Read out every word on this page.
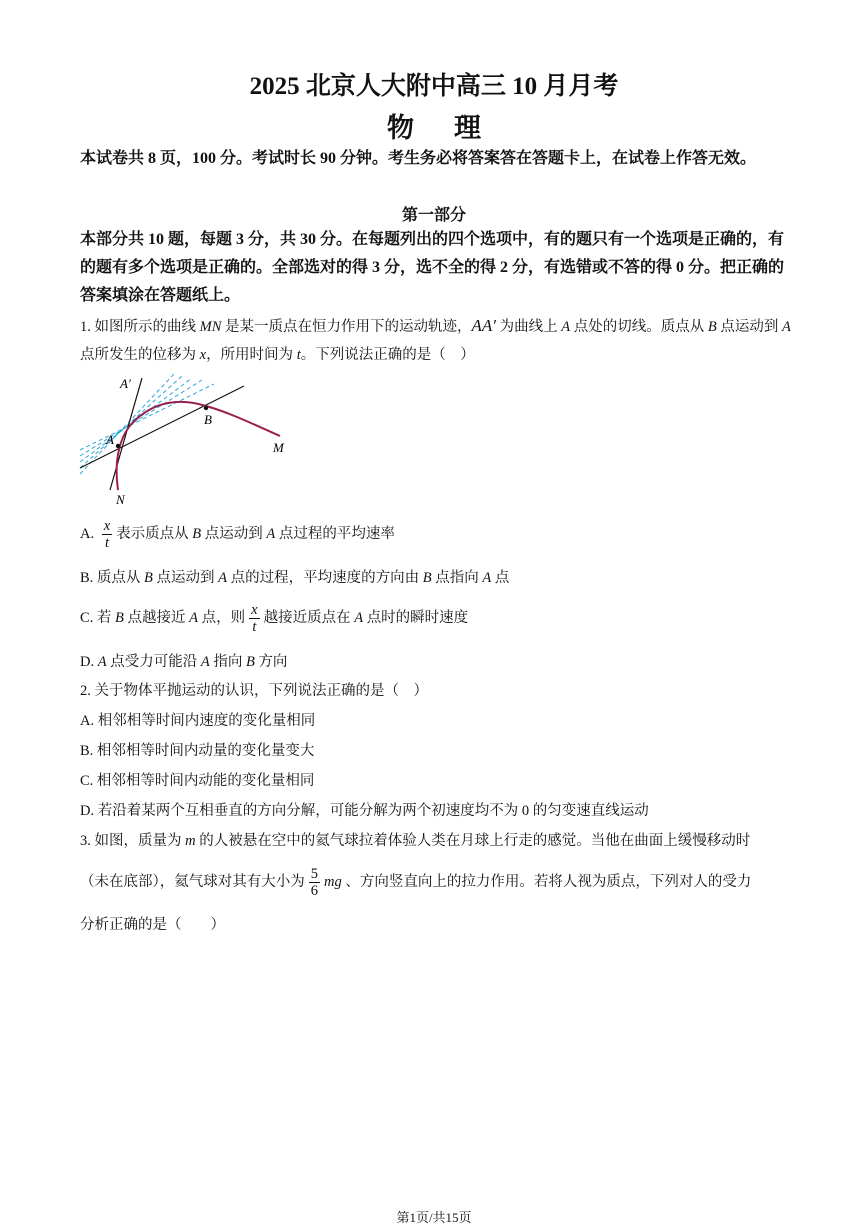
2025 北京人大附中高三 10 月月考
物理
本试卷共 8 页，100 分。考试时长 90 分钟。考生务必将答案答在答题卡上，在试卷上作答无效。
第一部分
本部分共 10 题，每题 3 分，共 30 分。在每题列出的四个选项中，有的题只有一个选项是正确的，有的题有多个选项是正确的。全部选对的得 3 分，选不全的得 2 分，有选错或不答的得 0 分。把正确的答案填涂在答题纸上。
1. 如图所示的曲线 MN 是某一质点在恒力作用下的运动轨迹，AA′ 为曲线上 A 点处的切线。质点从 B 点运动到 A 点所发生的位移为 x，所用时间为 t。下列说法正确的是（　）
A′
A
B
M
N
A. $\frac{x}{t}$ 表示质点从 B 点运动到 A 点过程的平均速率
B. 质点从 B 点运动到 A 点的过程，平均速度的方向由 B 点指向 A 点
C. 若 B 点越接近 A 点，则 $\frac{x}{t}$ 越接近质点在 A 点时的瞬时速度
D. A 点受力可能沿 A 指向 B 方向
2. 关于物体平抛运动的认识，下列说法正确的是（　）
A. 相邻相等时间内速度的变化量相同
B. 相邻相等时间内动量的变化量变大
C. 相邻相等时间内动能的变化量相同
D. 若沿着某两个互相垂直的方向分解，可能分解为两个初速度均不为 0 的匀变速直线运动
3. 如图，质量为 m 的人被悬在空中的氦气球拉着体验人类在月球上行走的感觉。当他在曲面上缓慢移动时
（未在底部），氦气球对其有大小为 $\frac{5}{6}$ mg 、方向竖直向上的拉力作用。若将人视为质点，下列对人的受力
分析正确的是（　　）
第1页/共15页
